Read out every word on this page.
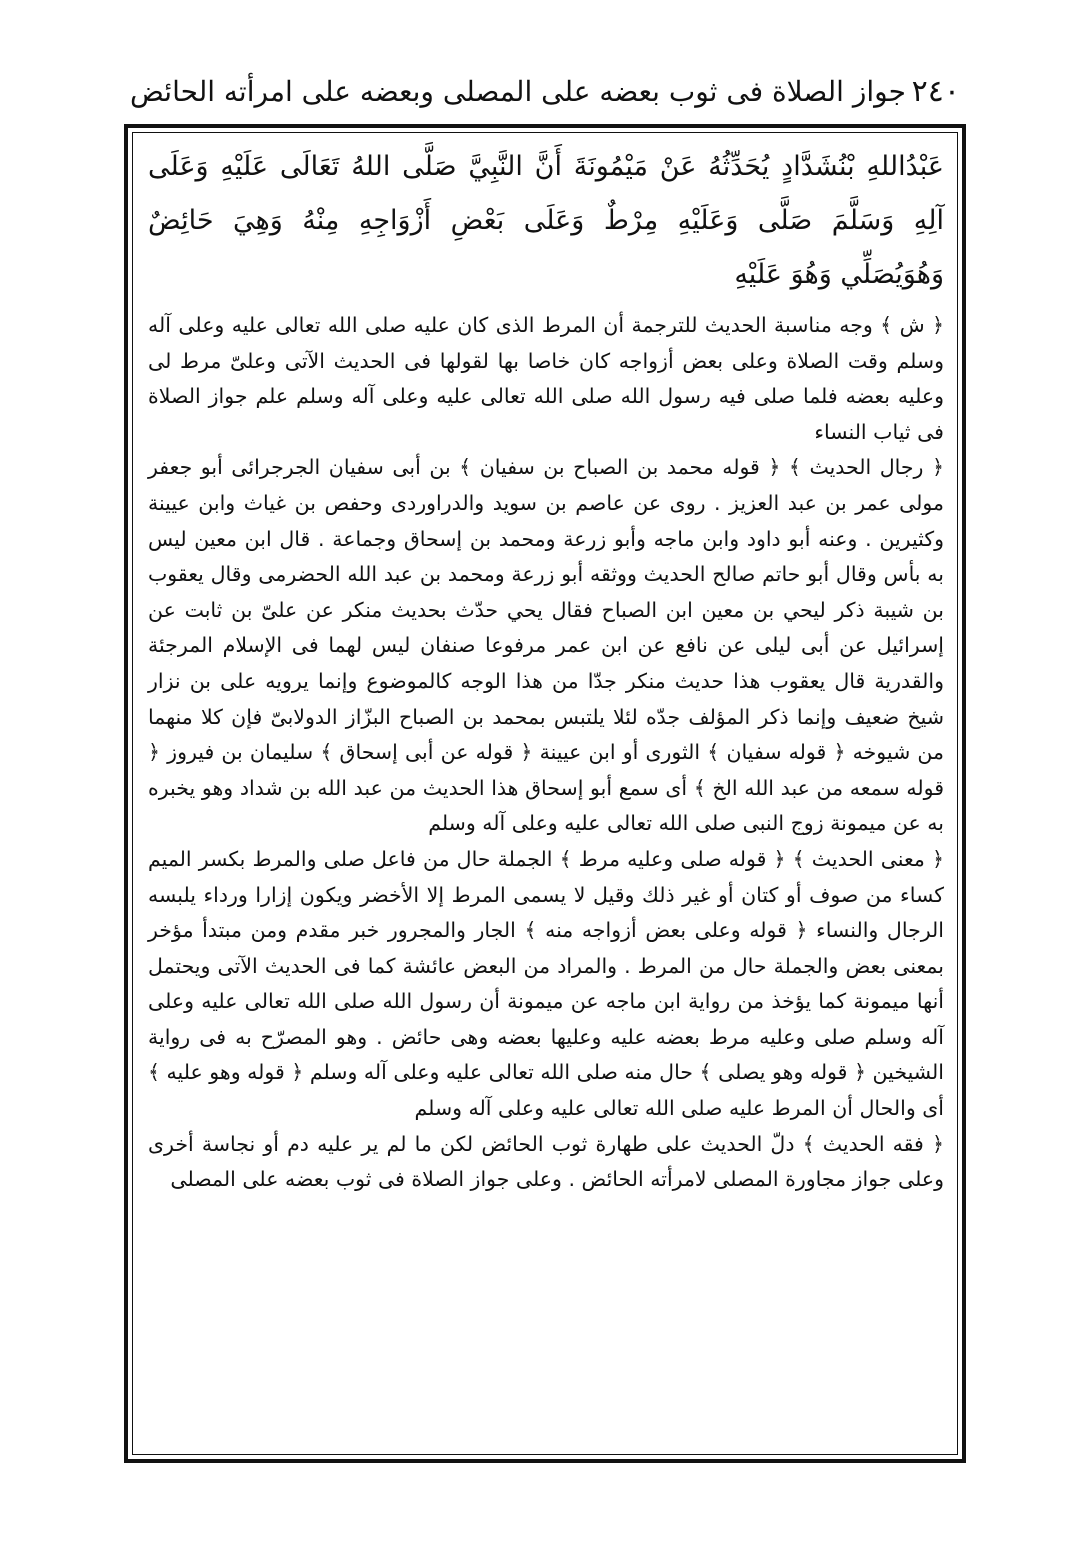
٢٤٠
جواز الصلاة فى ثوب بعضه على المصلى وبعضه على امرأته الحائض

عَبْدُاللهِ بْنُشَدَّادٍ يُحَدِّثُهُ عَنْ مَيْمُونَةَ أَنَّ النَّبِيَّ صَلَّى اللهُ تَعَالَى عَلَيْهِ وَعَلَى آلِهِ وَسَلَّمَ صَلَّى وَعَلَيْهِ مِرْطٌ وَعَلَى بَعْضِ أَزْوَاجِهِ مِنْهُ وَهِيَ حَائِضٌ وَهُوَيُصَلِّي وَهُوَ عَلَيْهِ

﴿ ش ﴾ وجه مناسبة الحديث للترجمة أن المرط الذى كان عليه صلى الله تعالى عليه وعلى آله وسلم وقت الصلاة وعلى بعض أزواجه كان خاصا بها لقولها فى الحديث الآتى وعلىّ مرط لى وعليه بعضه فلما صلى فيه رسول الله صلى الله تعالى عليه وعلى آله وسلم علم جواز الصلاة فى ثياب النساء
﴿ رجال الحديث ﴾ ﴿ قوله محمد بن الصباح بن سفيان ﴾ بن أبى سفيان الجرجرائى أبو جعفر مولى عمر بن عبد العزيز . روى عن عاصم بن سويد والدراوردى وحفص بن غياث وابن عيينة وكثيرين . وعنه أبو داود وابن ماجه وأبو زرعة ومحمد بن إسحاق وجماعة . قال ابن معين ليس به بأس وقال أبو حاتم صالح الحديث ووثقه أبو زرعة ومحمد بن عبد الله الحضرمى وقال يعقوب بن شيبة ذكر ليحي بن معين ابن الصباح فقال يحي حدّث بحديث منكر عن علىّ بن ثابت عن إسرائيل عن أبى ليلى عن نافع عن ابن عمر مرفوعا صنفان ليس لهما فى الإسلام المرجئة والقدرية قال يعقوب هذا حديث منكر جدّا من هذا الوجه كالموضوع وإنما يرويه على بن نزار شيخ ضعيف وإنما ذكر المؤلف جدّه لئلا يلتبس بمحمد بن الصباح البزّاز الدولابىّ فإن كلا منهما من شيوخه ﴿ قوله سفيان ﴾ الثورى أو ابن عيينة ﴿ قوله عن أبى إسحاق ﴾ سليمان بن فيروز ﴿ قوله سمعه من عبد الله الخ ﴾ أى سمع أبو إسحاق هذا الحديث من عبد الله بن شداد وهو يخبره به عن ميمونة زوج النبى صلى الله تعالى عليه وعلى آله وسلم
﴿ معنى الحديث ﴾ ﴿ قوله صلى وعليه مرط ﴾ الجملة حال من فاعل صلى والمرط بكسر الميم كساء من صوف أو كتان أو غير ذلك وقيل لا يسمى المرط إلا الأخضر ويكون إزارا ورداء يلبسه الرجال والنساء ﴿ قوله وعلى بعض أزواجه منه ﴾ الجار والمجرور خبر مقدم ومن مبتدأ مؤخر بمعنى بعض والجملة حال من المرط . والمراد من البعض عائشة كما فى الحديث الآتى ويحتمل أنها ميمونة كما يؤخذ من رواية ابن ماجه عن ميمونة أن رسول الله صلى الله تعالى عليه وعلى آله وسلم صلى وعليه مرط بعضه عليه وعليها بعضه وهى حائض . وهو المصرّح به فى رواية الشيخين ﴿ قوله وهو يصلى ﴾ حال منه صلى الله تعالى عليه وعلى آله وسلم ﴿ قوله وهو عليه ﴾ أى والحال أن المرط عليه صلى الله تعالى عليه وعلى آله وسلم
﴿ فقه الحديث ﴾ دلّ الحديث على طهارة ثوب الحائض لكن ما لم ير عليه دم أو نجاسة أخرى وعلى جواز مجاورة المصلى لامرأته الحائض . وعلى جواز الصلاة فى ثوب بعضه على المصلى
